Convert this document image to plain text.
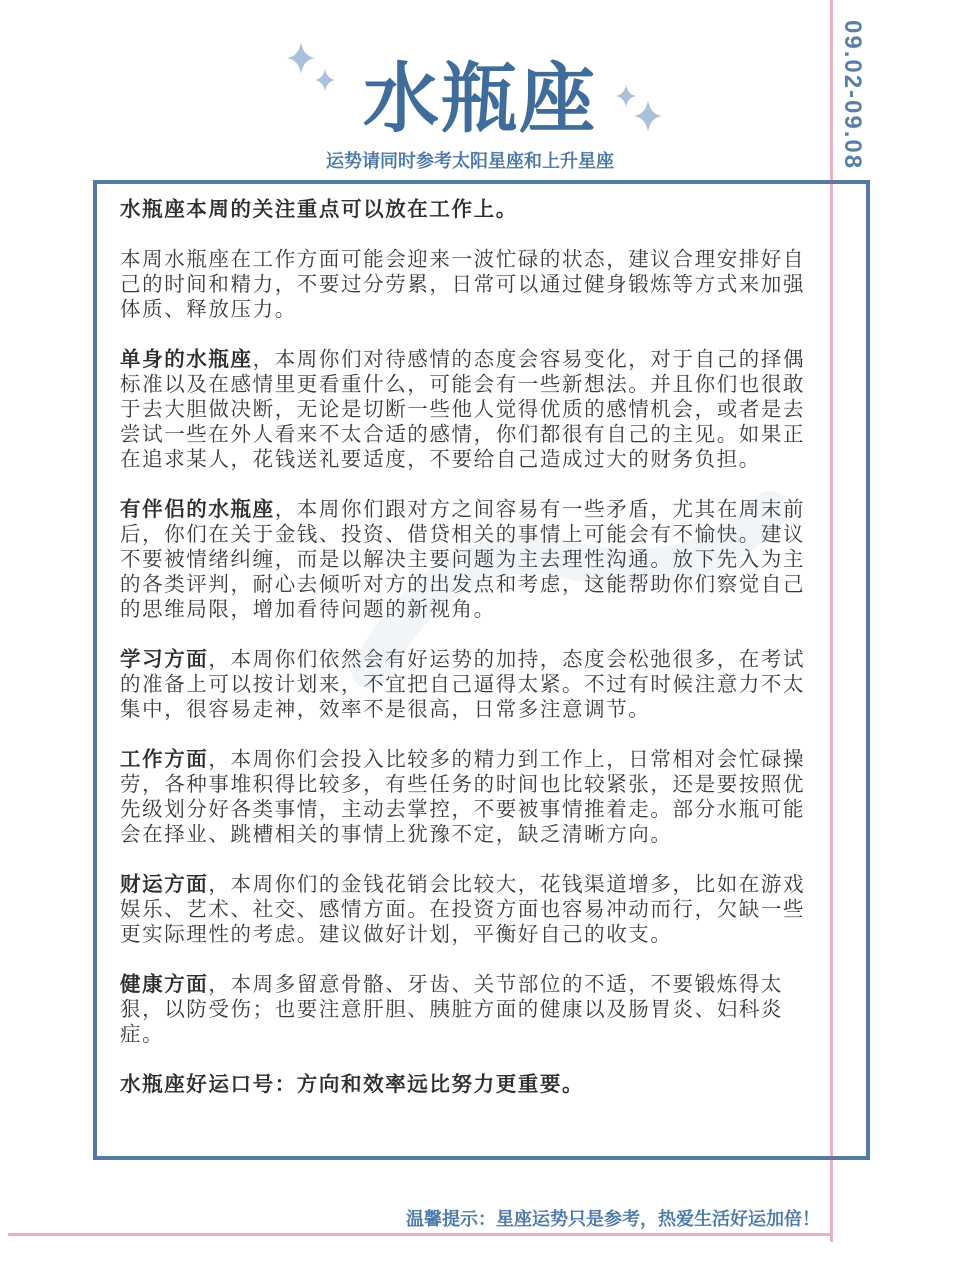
09.02-09.08
水瓶座
运势请同时参考太阳星座和上升星座

水瓶座本周的关注重点可以放在工作上。

本周水瓶座在工作方面可能会迎来一波忙碌的状态，建议合理安排好自己的时间和精力，不要过分劳累，日常可以通过健身锻炼等方式来加强体质、释放压力。

单身的水瓶座，本周你们对待感情的态度会容易变化，对于自己的择偶标准以及在感情里更看重什么，可能会有一些新想法。并且你们也很敢于去大胆做决断，无论是切断一些他人觉得优质的感情机会，或者是去尝试一些在外人看来不太合适的感情，你们都很有自己的主见。如果正在追求某人，花钱送礼要适度，不要给自己造成过大的财务负担。

有伴侣的水瓶座，本周你们跟对方之间容易有一些矛盾，尤其在周末前后，你们在关于金钱、投资、借贷相关的事情上可能会有不愉快。建议不要被情绪纠缠，而是以解决主要问题为主去理性沟通。放下先入为主的各类评判，耐心去倾听对方的出发点和考虑，这能帮助你们察觉自己的思维局限，增加看待问题的新视角。

学习方面，本周你们依然会有好运势的加持，态度会松弛很多，在考试的准备上可以按计划来，不宜把自己逼得太紧。不过有时候注意力不太集中，很容易走神，效率不是很高，日常多注意调节。

工作方面，本周你们会投入比较多的精力到工作上，日常相对会忙碌操劳，各种事堆积得比较多，有些任务的时间也比较紧张，还是要按照优先级划分好各类事情，主动去掌控，不要被事情推着走。部分水瓶可能会在择业、跳槽相关的事情上犹豫不定，缺乏清晰方向。

财运方面，本周你们的金钱花销会比较大，花钱渠道增多，比如在游戏娱乐、艺术、社交、感情方面。在投资方面也容易冲动而行，欠缺一些更实际理性的考虑。建议做好计划，平衡好自己的收支。

健康方面，本周多留意骨骼、牙齿、关节部位的不适，不要锻炼得太狠，以防受伤；也要注意肝胆、胰脏方面的健康以及肠胃炎、妇科炎症。

水瓶座好运口号：方向和效率远比努力更重要。

温馨提示：星座运势只是参考，热爱生活好运加倍！
